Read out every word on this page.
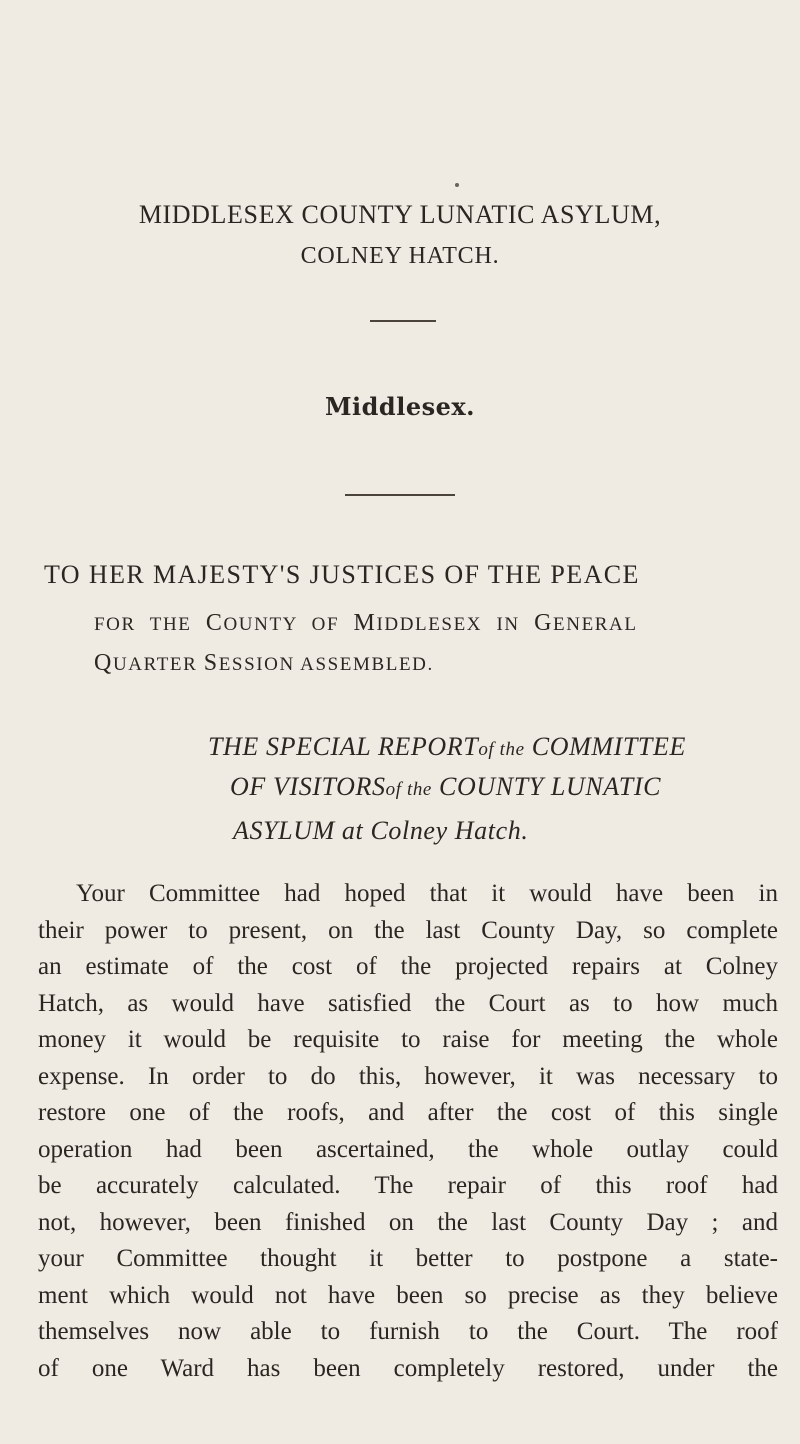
MIDDLESEX COUNTY LUNATIC ASYLUM,
COLNEY HATCH.
Middlesex.
TO HER MAJESTY'S JUSTICES OF THE PEACE
FOR THE COUNTY OF MIDDLESEX IN GENERAL
QUARTER SESSION ASSEMBLED.
THE SPECIAL REPORTof the COMMITTEE
OF VISITORSof the COUNTY LUNATIC
ASYLUM at Colney Hatch.
Your Committee had hoped that it would have been in
their power to present, on the last County Day, so complete
an estimate of the cost of the projected repairs at Colney
Hatch, as would have satisfied the Court as to how much
money it would be requisite to raise for meeting the whole
expense. In order to do this, however, it was necessary to
restore one of the roofs, and after the cost of this single
operation had been ascertained, the whole outlay could
be accurately calculated. The repair of this roof had
not, however, been finished on the last County Day ; and
your Committee thought it better to postpone a state-
ment which would not have been so precise as they believe
themselves now able to furnish to the Court. The roof
of one Ward has been completely restored, under the
